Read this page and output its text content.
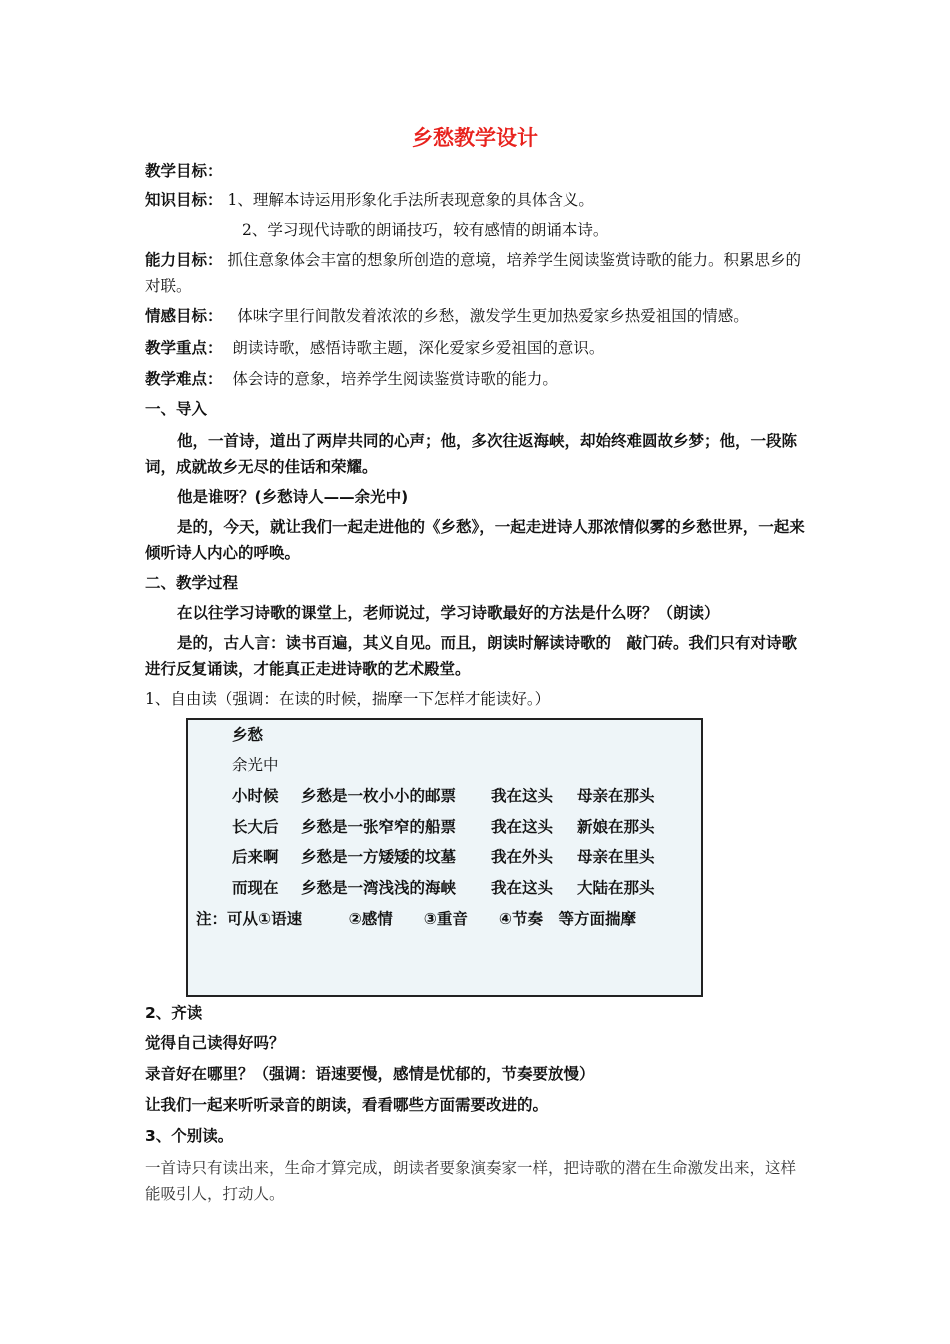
乡愁教学设计

教学目标：

知识目标： 1、理解本诗运用形象化手法所表现意象的具体含义。

2、学习现代诗歌的朗诵技巧，较有感情的朗诵本诗。

能力目标： 抓住意象体会丰富的想象所创造的意境，培养学生阅读鉴赏诗歌的能力。积累思乡的对联。

情感目标： 体味字里行间散发着浓浓的乡愁，激发学生更加热爱家乡热爱祖国的情感。

教学重点： 朗读诗歌，感悟诗歌主题，深化爱家乡爱祖国的意识。

教学难点： 体会诗的意象，培养学生阅读鉴赏诗歌的能力。

一、导入

他，一首诗，道出了两岸共同的心声；他，多次往返海峡，却始终难圆故乡梦；他，一段陈词，成就故乡无尽的佳话和荣耀。

他是谁呀？(乡愁诗人——余光中)

是的，今天，就让我们一起走进他的《乡愁》，一起走进诗人那浓情似雾的乡愁世界，一起来倾听诗人内心的呼唤。

二、教学过程

在以往学习诗歌的课堂上，老师说过，学习诗歌最好的方法是什么呀？（朗读）

是的，古人言：读书百遍，其义自见。而且，朗读时解读诗歌的　敲门砖。我们只有对诗歌进行反复诵读，才能真正走进诗歌的艺术殿堂。

1、自由读（强调：在读的时候，揣摩一下怎样才能读好。）

乡愁
余光中
小时候 乡愁是一枚小小的邮票 我在这头 母亲在那头
长大后 乡愁是一张窄窄的船票 我在这头 新娘在那头
后来啊 乡愁是一方矮矮的坟墓 我在外头 母亲在里头
而现在 乡愁是一湾浅浅的海峡 我在这头 大陆在那头
注：可从①语速　　　②感情　　③重音　　④节奏　等方面揣摩

2、齐读

觉得自己读得好吗？

录音好在哪里？（强调：语速要慢，感情是忧郁的，节奏要放慢）

让我们一起来听听录音的朗读，看看哪些方面需要改进的。

3、个别读。

一首诗只有读出来，生命才算完成，朗读者要象演奏家一样，把诗歌的潜在生命激发出来，这样能吸引人，打动人。
